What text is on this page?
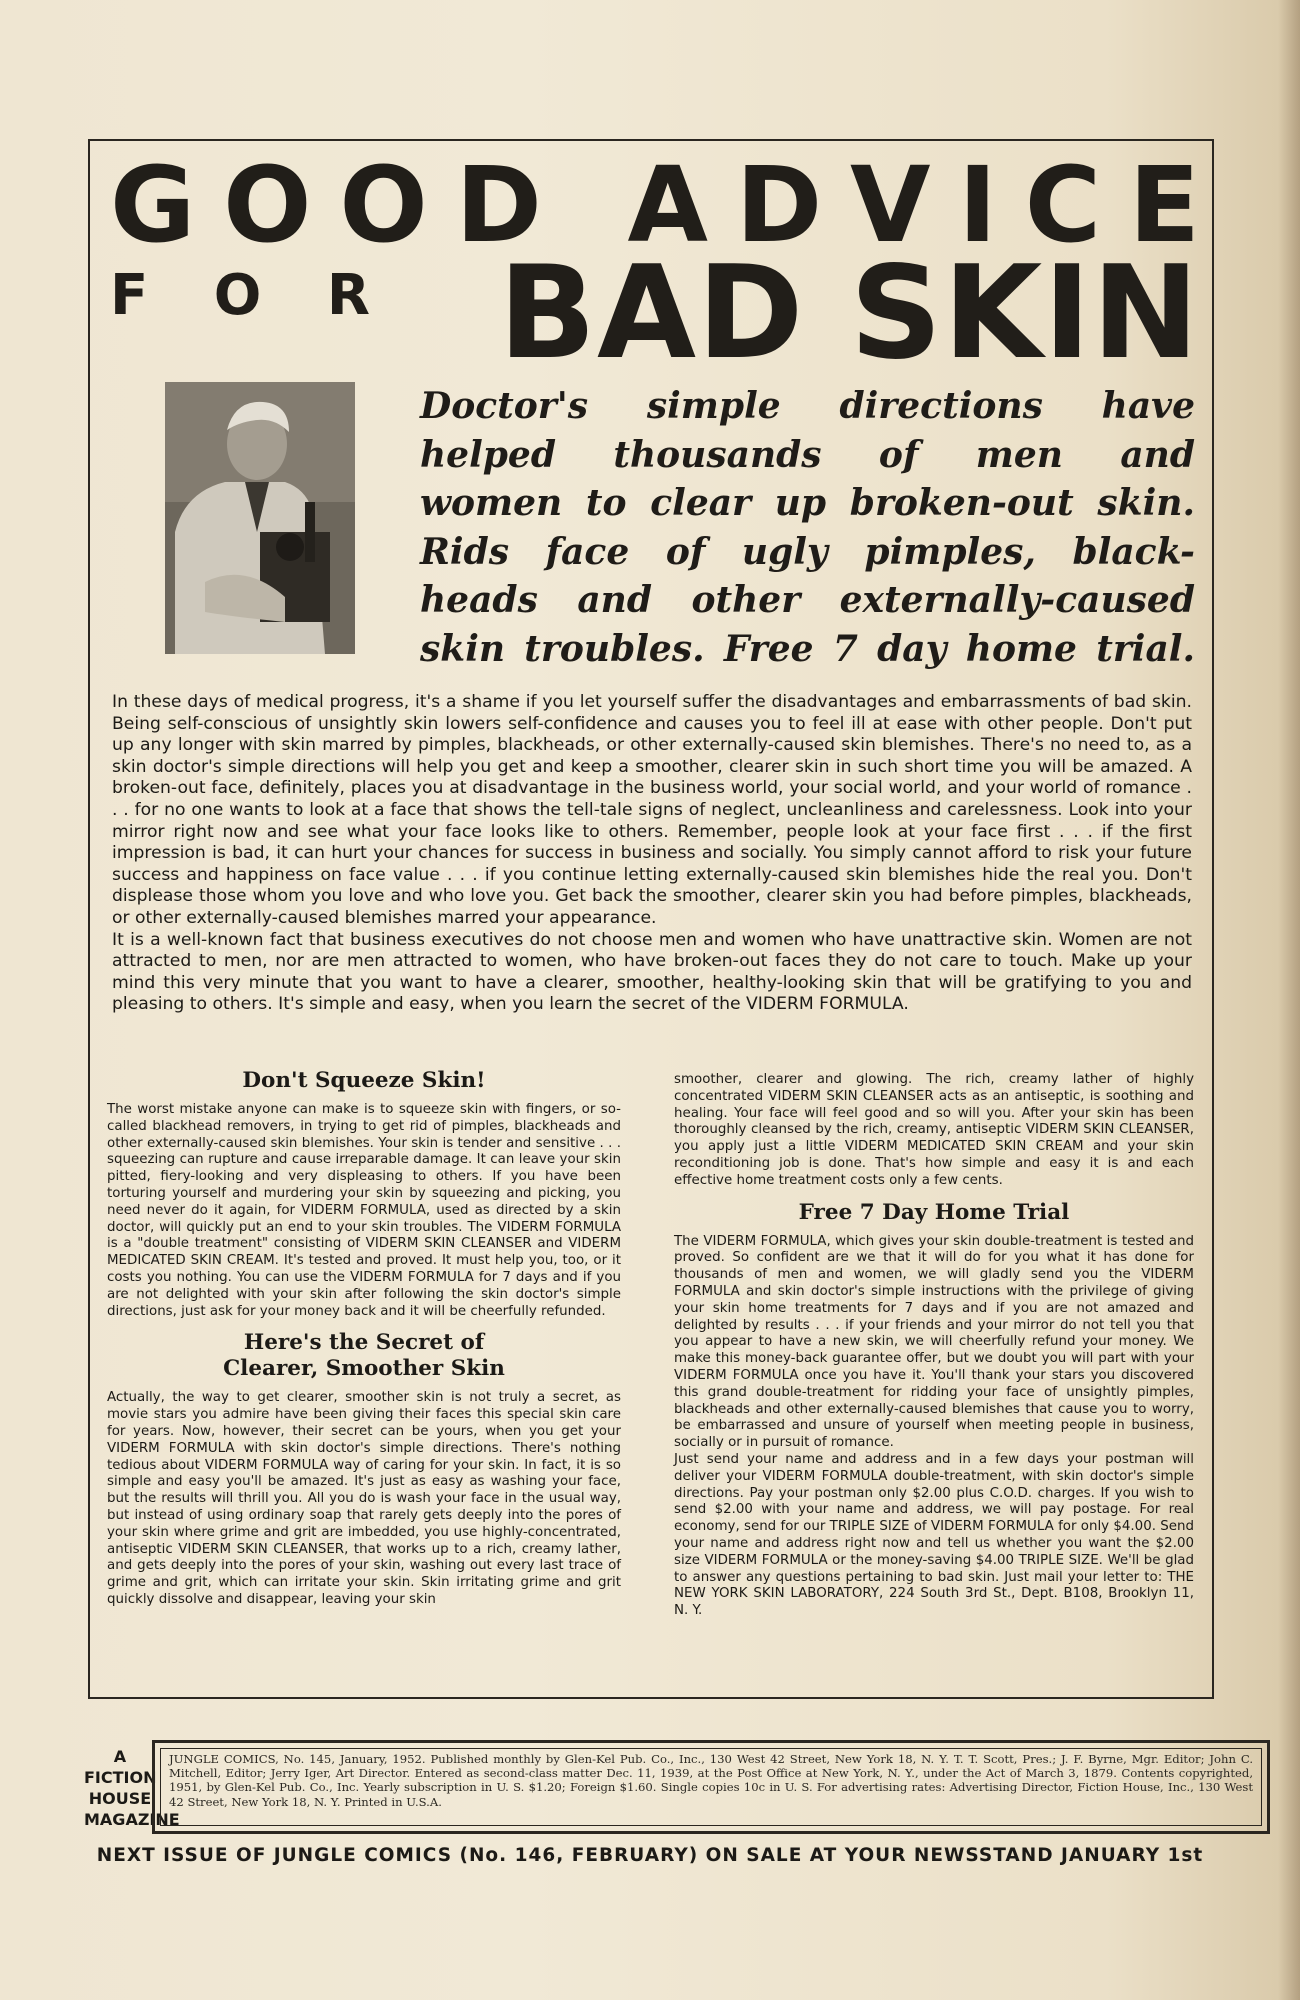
G O O D A D V I C E
F O R BAD SKIN
Doctor's simple directions have
helped thousands of men and
women to clear up broken-out skin.
Rids face of ugly pimples, black-
heads and other externally-caused
skin troubles. Free 7 day home trial.

In these days of medical progress, it's a shame if you let yourself suffer the disadvantages and embarrassments of bad skin. Being self-conscious of unsightly skin lowers self-confidence and causes you to feel ill at ease with other people. Don't put up any longer with skin marred by pimples, blackheads, or other externally-caused skin blemishes. There's no need to, as a skin doctor's simple directions will help you get and keep a smoother, clearer skin in such short time you will be amazed. A broken-out face, definitely, places you at disadvantage in the business world, your social world, and your world of romance . . . for no one wants to look at a face that shows the tell-tale signs of neglect, uncleanliness and carelessness. Look into your mirror right now and see what your face looks like to others. Remember, people look at your face first . . . if the first impression is bad, it can hurt your chances for success in business and socially. You simply cannot afford to risk your future success and happiness on face value . . . if you continue letting externally-caused skin blemishes hide the real you. Don't displease those whom you love and who love you. Get back the smoother, clearer skin you had before pimples, blackheads, or other externally-caused blemishes marred your appearance.

It is a well-known fact that business executives do not choose men and women who have unattractive skin. Women are not attracted to men, nor are men attracted to women, who have broken-out faces they do not care to touch. Make up your mind this very minute that you want to have a clearer, smoother, healthy-looking skin that will be gratifying to you and pleasing to others. It's simple and easy, when you learn the secret of the VIDERM FORMULA.

Don't Squeeze Skin!

The worst mistake anyone can make is to squeeze skin with fingers, or so-called blackhead removers, in trying to get rid of pimples, blackheads and other externally-caused skin blemishes. Your skin is tender and sensitive . . . squeezing can rupture and cause irreparable damage. It can leave your skin pitted, fiery-looking and very displeasing to others. If you have been torturing yourself and murdering your skin by squeezing and picking, you need never do it again, for VIDERM FORMULA, used as directed by a skin doctor, will quickly put an end to your skin troubles. The VIDERM FORMULA is a "double treatment" consisting of VIDERM SKIN CLEANSER and VIDERM MEDICATED SKIN CREAM. It's tested and proved. It must help you, too, or it costs you nothing. You can use the VIDERM FORMULA for 7 days and if you are not delighted with your skin after following the skin doctor's simple directions, just ask for your money back and it will be cheerfully refunded.

Here's the Secret of
Clearer, Smoother Skin

Actually, the way to get clearer, smoother skin is not truly a secret, as movie stars you admire have been giving their faces this special skin care for years. Now, however, their secret can be yours, when you get your VIDERM FORMULA with skin doctor's simple directions. There's nothing tedious about VIDERM FORMULA way of caring for your skin. In fact, it is so simple and easy you'll be amazed. It's just as easy as washing your face, but the results will thrill you. All you do is wash your face in the usual way, but instead of using ordinary soap that rarely gets deeply into the pores of your skin where grime and grit are imbedded, you use highly-concentrated, antiseptic VIDERM SKIN CLEANSER, that works up to a rich, creamy lather, and gets deeply into the pores of your skin, washing out every last trace of grime and grit, which can irritate your skin. Skin irritating grime and grit quickly dissolve and disappear, leaving your skin

smoother, clearer and glowing. The rich, creamy lather of highly concentrated VIDERM SKIN CLEANSER acts as an antiseptic, is soothing and healing. Your face will feel good and so will you. After your skin has been thoroughly cleansed by the rich, creamy, antiseptic VIDERM SKIN CLEANSER, you apply just a little VIDERM MEDICATED SKIN CREAM and your skin reconditioning job is done. That's how simple and easy it is and each effective home treatment costs only a few cents.

Free 7 Day Home Trial

The VIDERM FORMULA, which gives your skin double-treatment is tested and proved. So confident are we that it will do for you what it has done for thousands of men and women, we will gladly send you the VIDERM FORMULA and skin doctor's simple instructions with the privilege of giving your skin home treatments for 7 days and if you are not amazed and delighted by results . . . if your friends and your mirror do not tell you that you appear to have a new skin, we will cheerfully refund your money. We make this money-back guarantee offer, but we doubt you will part with your VIDERM FORMULA once you have it. You'll thank your stars you discovered this grand double-treatment for ridding your face of unsightly pimples, blackheads and other externally-caused blemishes that cause you to worry, be embarrassed and unsure of yourself when meeting people in business, socially or in pursuit of romance.

Just send your name and address and in a few days your postman will deliver your VIDERM FORMULA double-treatment, with skin doctor's simple directions. Pay your postman only $2.00 plus C.O.D. charges. If you wish to send $2.00 with your name and address, we will pay postage. For real economy, send for our TRIPLE SIZE of VIDERM FORMULA for only $4.00. Send your name and address right now and tell us whether you want the $2.00 size VIDERM FORMULA or the money-saving $4.00 TRIPLE SIZE. We'll be glad to answer any questions pertaining to bad skin. Just mail your letter to: THE NEW YORK SKIN LABORATORY, 224 South 3rd St., Dept. B108, Brooklyn 11, N. Y.

A
FICTION
HOUSE
MAGAZINE
JUNGLE COMICS, No. 145, January, 1952. Published monthly by Glen-Kel Pub. Co., Inc., 130 West 42 Street, New York 18, N. Y. T. T. Scott, Pres.; J. F. Byrne, Mgr. Editor; John C. Mitchell, Editor; Jerry Iger, Art Director. Entered as second-class matter Dec. 11, 1939, at the Post Office at New York, N. Y., under the Act of March 3, 1879. Contents copyrighted, 1951, by Glen-Kel Pub. Co., Inc. Yearly subscription in U. S. $1.20; Foreign $1.60. Single copies 10c in U. S. For advertising rates: Advertising Director, Fiction House, Inc., 130 West 42 Street, New York 18, N. Y. Printed in U.S.A.
NEXT ISSUE OF JUNGLE COMICS (No. 146, FEBRUARY) ON SALE AT YOUR NEWSSTAND JANUARY 1st
